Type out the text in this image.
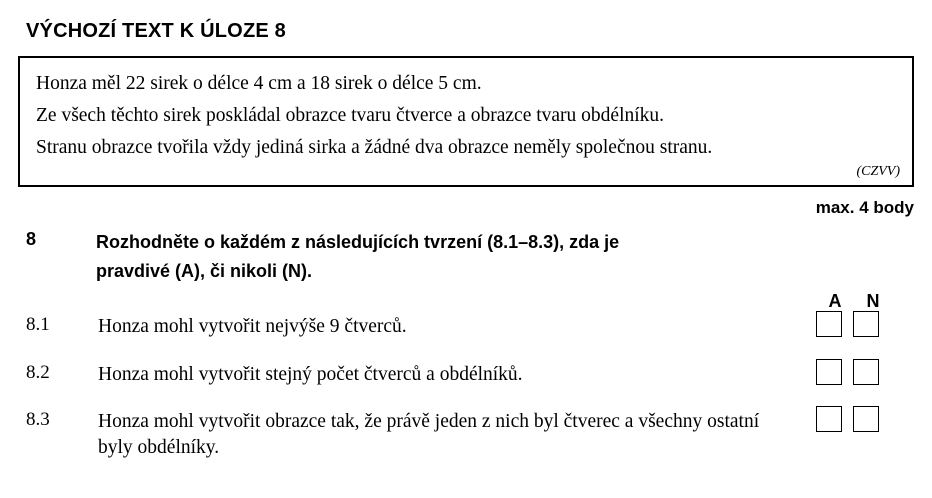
VÝCHOZÍ TEXT K ÚLOZE 8

Honza měl 22 sirek o délce 4 cm a 18 sirek o délce 5 cm.

Ze všech těchto sirek poskládal obrazce tvaru čtverce a obrazce tvaru obdélníku.

Stranu obrazce tvořila vždy jediná sirka a žádné dva obrazce neměly společnou stranu.

(CZVV)
max. 4 body
8	Rozhodněte o každém z následujících tvrzení (8.1–8.3), zda je
pravdivé (A), či nikoli (N).
A N
8.1 Honza mohl vytvořit nejvýše 9 čtverců.
8.2 Honza mohl vytvořit stejný počet čtverců a obdélníků.
8.3 Honza mohl vytvořit obrazce tak, že právě jeden z nich byl čtverec a všechny ostatní byly obdélníky.
